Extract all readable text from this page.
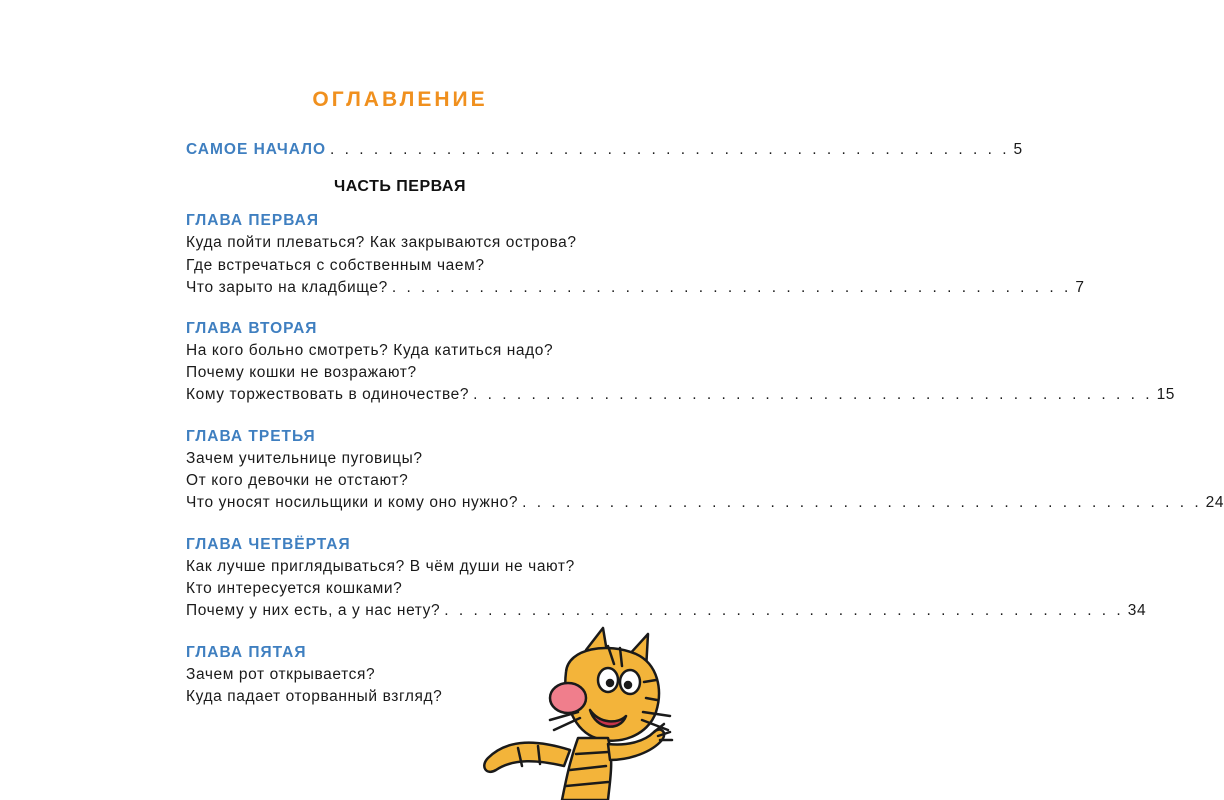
ОГЛАВЛЕНИЕ
САМОЕ НАЧАЛО . . . . . . . . . . . . . . . . . . . . . . . . . . . . . . . . . . . . . . . . . . . . . . . 5
ЧАСТЬ ПЕРВАЯ
ГЛАВА ПЕРВАЯ
Куда пойти плеваться? Как закрываются острова?
Где встречаться с собственным чаем?
Что зарыто на кладбище? . . . . . . . . . . . . . . . . . . . . . . . . . . . . . . . . . . . . . . . . . . . . . . . 7
ГЛАВА ВТОРАЯ
На кого больно смотреть? Куда катиться надо?
Почему кошки не возражают?
Кому торжествовать в одиночестве? . . . . . . . . . . . . . . . . . . . . . . . . . . . . . . . . . . . . . . . . . . . . . . . 15
ГЛАВА ТРЕТЬЯ
Зачем учительнице пуговицы?
От кого девочки не отстают?
Что уносят носильщики и кому оно нужно? . . . . . . . . . . . . . . . . . . . . . . . . . . . . . . . . . . . . . . . . . . . . . . . 24
ГЛАВА ЧЕТВЁРТАЯ
Как лучше приглядываться? В чём души не чают?
Кто интересуется кошками?
Почему у них есть, а у нас нету? . . . . . . . . . . . . . . . . . . . . . . . . . . . . . . . . . . . . . . . . . . . . . . . 34
ГЛАВА ПЯТАЯ
Зачем рот открывается?
Куда падает оторванный взгляд?
